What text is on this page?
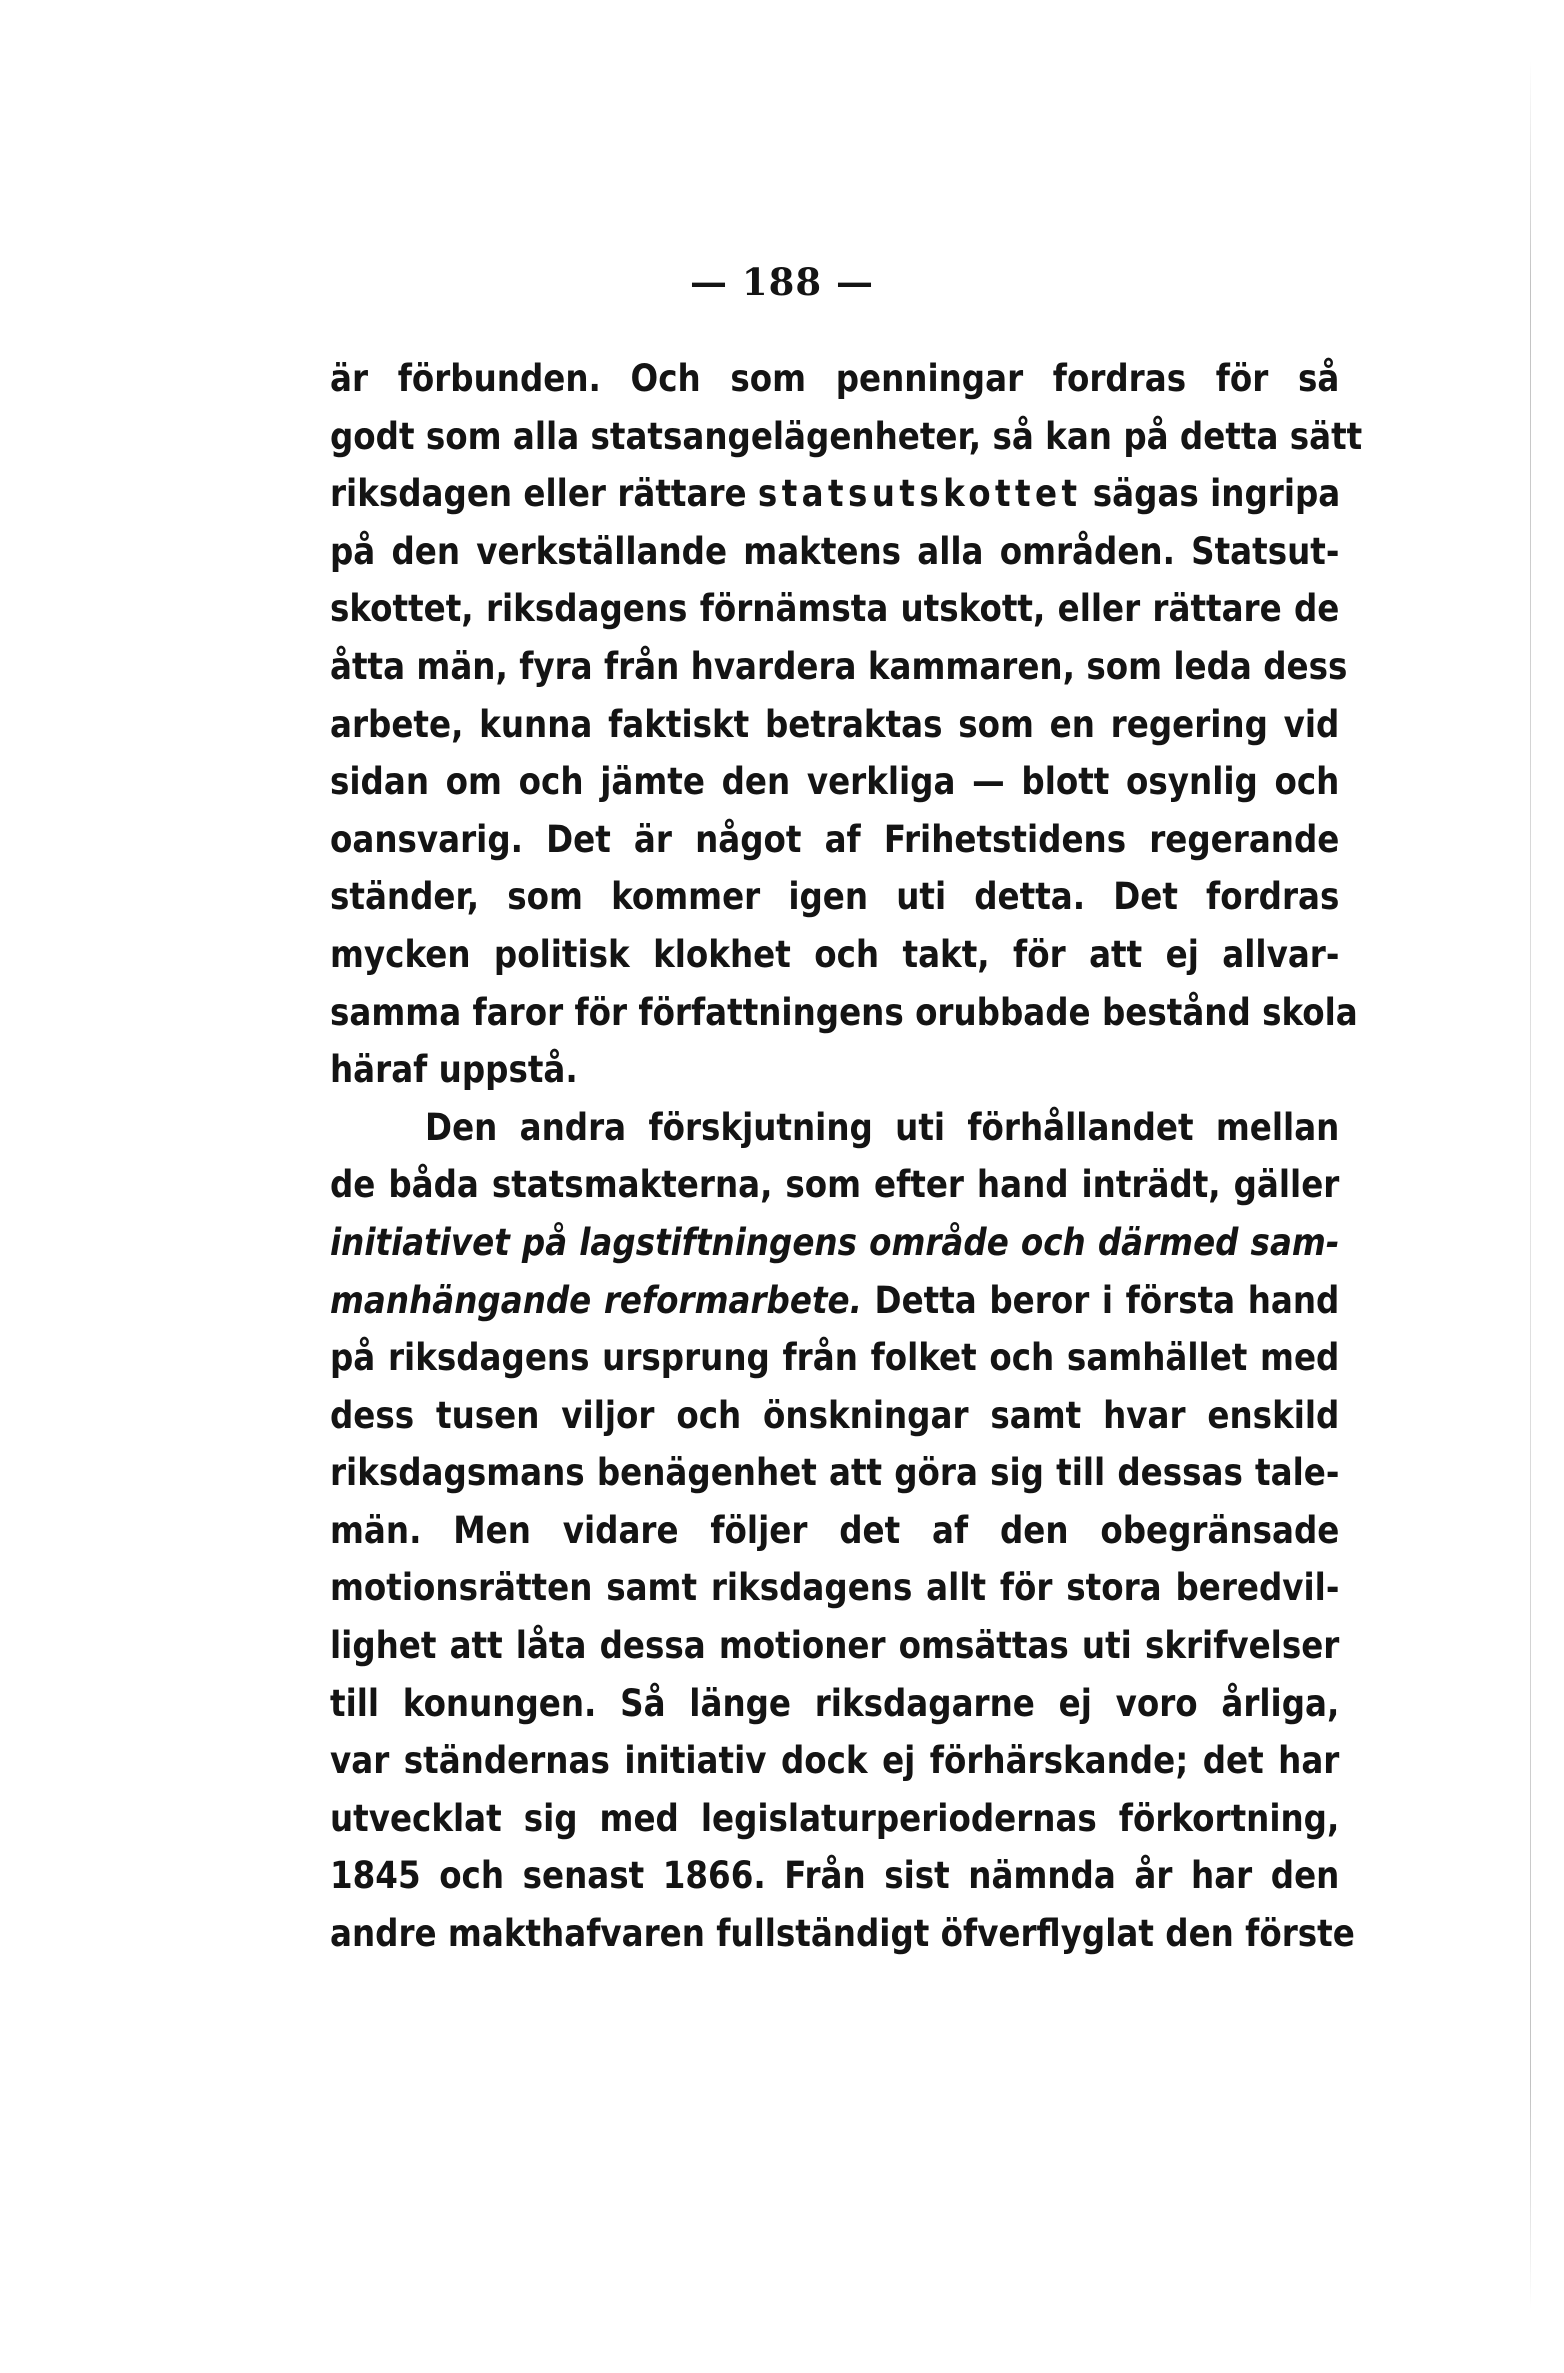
— 188 —
är förbunden. Och som penningar fordras för så
godt som alla statsangelägenheter, så kan på detta sätt
riksdagen eller rättare statsutskottet sägas ingripa
på den verkställande maktens alla områden. Statsut-
skottet, riksdagens förnämsta utskott, eller rättare de
åtta män, fyra från hvardera kammaren, som leda dess
arbete, kunna faktiskt betraktas som en regering vid
sidan om och jämte den verkliga — blott osynlig och
oansvarig. Det är något af Frihetstidens regerande
ständer, som kommer igen uti detta. Det fordras
mycken politisk klokhet och takt, för att ej allvar-
samma faror för författningens orubbade bestånd skola
häraf uppstå.
Den andra förskjutning uti förhållandet mellan
de båda statsmakterna, som efter hand inträdt, gäller
initiativet på lagstiftningens område och därmed sam-
manhängande reformarbete. Detta beror i första hand
på riksdagens ursprung från folket och samhället med
dess tusen viljor och önskningar samt hvar enskild
riksdagsmans benägenhet att göra sig till dessas tale-
män. Men vidare följer det af den obegränsade
motionsrätten samt riksdagens allt för stora beredvil-
lighet att låta dessa motioner omsättas uti skrifvelser
till konungen. Så länge riksdagarne ej voro årliga,
var ständernas initiativ dock ej förhärskande; det har
utvecklat sig med legislaturperiodernas förkortning,
1845 och senast 1866. Från sist nämnda år har den
andre makthafvaren fullständigt öfverflyglat den förste
